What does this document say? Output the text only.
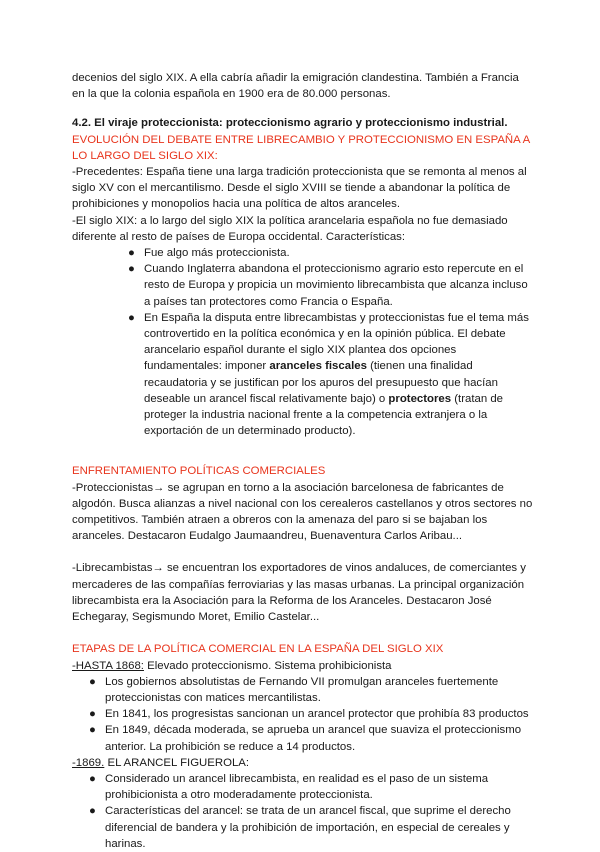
decenios del siglo XIX. A ella cabría añadir la emigración clandestina. También a Francia en la que la colonia española en 1900 era de 80.000 personas.

4.2. El viraje proteccionista: proteccionismo agrario y proteccionismo industrial.

EVOLUCIÓN DEL DEBATE ENTRE LIBRECAMBIO Y PROTECCIONISMO EN ESPAÑA A LO LARGO DEL SIGLO XIX:

-Precedentes: España tiene una larga tradición proteccionista que se remonta al menos al siglo XV con el mercantilismo. Desde el siglo XVIII se tiende a abandonar la política de prohibiciones y monopolios hacia una política de altos aranceles.

-El siglo XIX: a lo largo del siglo XIX la política arancelaria española no fue demasiado diferente al resto de países de Europa occidental. Características:

● Fue algo más proteccionista.
● Cuando Inglaterra abandona el proteccionismo agrario esto repercute en el resto de Europa y propicia un movimiento librecambista que alcanza incluso a países tan protectores como Francia o España.
● En España la disputa entre librecambistas y proteccionistas fue el tema más controvertido en la política económica y en la opinión pública. El debate arancelario español durante el siglo XIX plantea dos opciones fundamentales: imponer aranceles fiscales (tienen una finalidad recaudatoria y se justifican por los apuros del presupuesto que hacían deseable un arancel fiscal relativamente bajo) o protectores (tratan de proteger la industria nacional frente a la competencia extranjera o la exportación de un determinado producto).

ENFRENTAMIENTO POLÍTICAS COMERCIALES

-Proteccionistas→ se agrupan en torno a la asociación barcelonesa de fabricantes de algodón. Busca alianzas a nivel nacional con los cerealeros castellanos y otros sectores no competitivos. También atraen a obreros con la amenaza del paro si se bajaban los aranceles. Destacaron Eudalgo Jaumaandreu, Buenaventura Carlos Aribau...

-Librecambistas→ se encuentran los exportadores de vinos andaluces, de comerciantes y mercaderes de las compañías ferroviarias y las masas urbanas. La principal organización librecambista era la Asociación para la Reforma de los Aranceles. Destacaron José Echegaray, Segismundo Moret, Emilio Castelar...

ETAPAS DE LA POLÍTICA COMERCIAL EN LA ESPAÑA DEL SIGLO XIX

-HASTA 1868: Elevado proteccionismo. Sistema prohibicionista

● Los gobiernos absolutistas de Fernando VII promulgan aranceles fuertemente proteccionistas con matices mercantilistas.
● En 1841, los progresistas sancionan un arancel protector que prohibía 83 productos
● En 1849, década moderada, se aprueba un arancel que suaviza el proteccionismo anterior. La prohibición se reduce a 14 productos.

-1869. EL ARANCEL FIGUEROLA:

● Considerado un arancel librecambista, en realidad es el paso de un sistema prohibicionista a otro moderadamente proteccionista.
● Características del arancel: se trata de un arancel fiscal, que suprime el derecho diferencial de bandera y la prohibición de importación, en especial de cereales y harinas.
